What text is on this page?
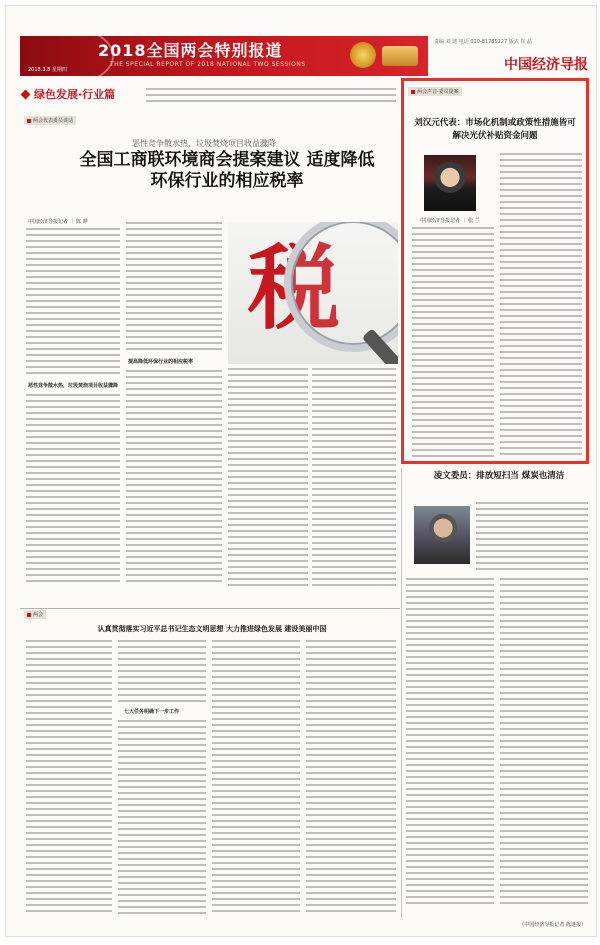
2018全国两会特别报道
THE SPECIAL REPORT OF 2018 NATIONAL TWO SESSIONS
2018.3.8 星期四
责编 刘 迪 电话 010-81785127 版式 崔 晶
中国经济导报
绿色发展·行业篇
两会代表委员谈话
恶性竞争散水热，垃圾焚烧项目收益骤降
全国工商联环境商会提案建议 适度降低环保行业的相应税率
中国经济导报记者 ｜ 陈 晔
恶性竞争散水热，垃圾焚烧项目收益骤降
提高降低环保行业的相应税率
税
两会声音·委员提案
刘汉元代表：市场化机制或政策性措施皆可解决光伏补贴资金问题
中国经济导报记者 ｜ 张 兰
凌文委员：排放短扫当 煤炭也清洁
两会
认真贯彻落实习近平总书记生态文明思想 大力推进绿色发展 建设美丽中国
七大任务明确下一步工作
（中国经济导报记者 陈迷报）
